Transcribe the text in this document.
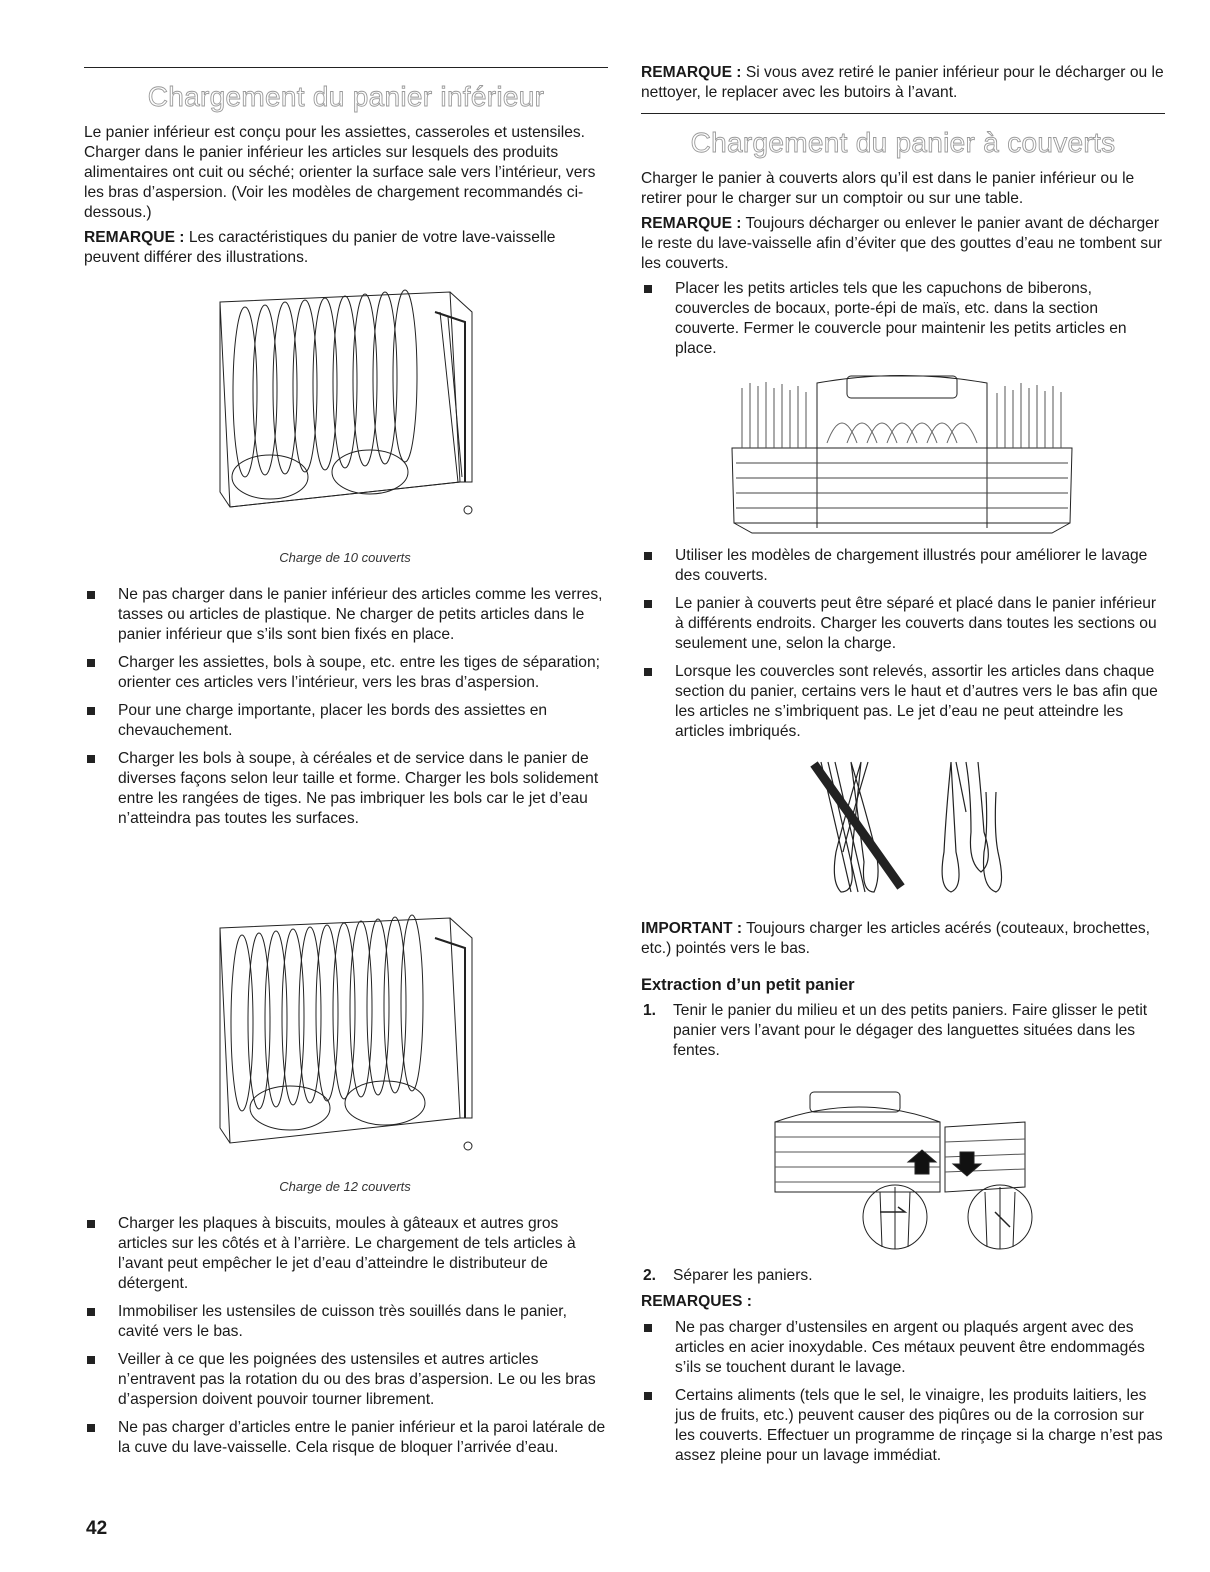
Chargement du panier inférieur

Le panier inférieur est conçu pour les assiettes, casseroles et ustensiles. Charger dans le panier inférieur les articles sur lesquels des produits alimentaires ont cuit ou séché; orienter la surface sale vers l’intérieur, vers les bras d’aspersion. (Voir les modèles de chargement recommandés ci-dessous.)

REMARQUE : Les caractéristiques du panier de votre lave-vaisselle peuvent différer des illustrations.

Charge de 10 couverts
Ne pas charger dans le panier inférieur des articles comme les verres, tasses ou articles de plastique. Ne charger de petits articles dans le panier inférieur que s’ils sont bien fixés en place.
Charger les assiettes, bols à soupe, etc. entre les tiges de séparation; orienter ces articles vers l’intérieur, vers les bras d’aspersion.
Pour une charge importante, placer les bords des assiettes en chevauchement.
Charger les bols à soupe, à céréales et de service dans le panier de diverses façons selon leur taille et forme. Charger les bols solidement entre les rangées de tiges. Ne pas imbriquer les bols car le jet d’eau n’atteindra pas toutes les surfaces.
Charge de 12 couverts
Charger les plaques à biscuits, moules à gâteaux et autres gros articles sur les côtés et à l’arrière. Le chargement de tels articles à l’avant peut empêcher le jet d’eau d’atteindre le distributeur de détergent.
Immobiliser les ustensiles de cuisson très souillés dans le panier, cavité vers le bas.
Veiller à ce que les poignées des ustensiles et autres articles n’entravent pas la rotation du ou des bras d’aspersion. Le ou les bras d’aspersion doivent pouvoir tourner librement.
Ne pas charger d’articles entre le panier inférieur et la paroi latérale de la cuve du lave-vaisselle. Cela risque de bloquer l’arrivée d’eau.
42

REMARQUE : Si vous avez retiré le panier inférieur pour le décharger ou le nettoyer, le replacer avec les butoirs à l’avant.

Chargement du panier à couverts

Charger le panier à couverts alors qu’il est dans le panier inférieur ou le retirer pour le charger sur un comptoir ou sur une table.

REMARQUE : Toujours décharger ou enlever le panier avant de décharger le reste du lave-vaisselle afin d’éviter que des gouttes d’eau ne tombent sur les couverts.

Placer les petits articles tels que les capuchons de biberons, couvercles de bocaux, porte-épi de maïs, etc. dans la section couverte. Fermer le couvercle pour maintenir les petits articles en place.
Utiliser les modèles de chargement illustrés pour améliorer le lavage des couverts.
Le panier à couverts peut être séparé et placé dans le panier inférieur à différents endroits. Charger les couverts dans toutes les sections ou seulement une, selon la charge.
Lorsque les couvercles sont relevés, assortir les articles dans chaque section du panier, certains vers le haut et d’autres vers le bas afin que les articles ne s’imbriquent pas. Le jet d’eau ne peut atteindre les articles imbriqués.

IMPORTANT : Toujours charger les articles acérés (couteaux, brochettes, etc.) pointés vers le bas.

Extraction d’un petit panier
1. Tenir le panier du milieu et un des petits paniers. Faire glisser le petit panier vers l’avant pour le dégager des languettes situées dans les fentes.
2. Séparer les paniers.

REMARQUES :

Ne pas charger d’ustensiles en argent ou plaqués argent avec des articles en acier inoxydable. Ces métaux peuvent être endommagés s’ils se touchent durant le lavage.
Certains aliments (tels que le sel, le vinaigre, les produits laitiers, les jus de fruits, etc.) peuvent causer des piqûres ou de la corrosion sur les couverts. Effectuer un programme de rinçage si la charge n’est pas assez pleine pour un lavage immédiat.
